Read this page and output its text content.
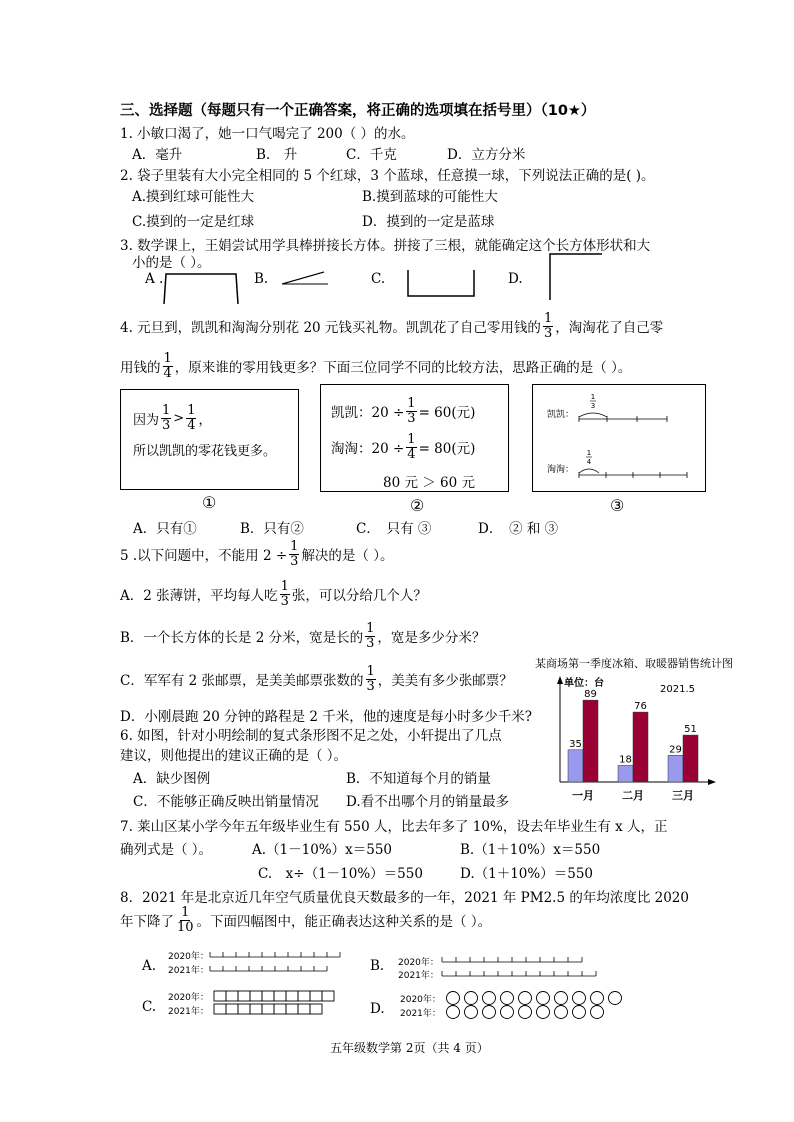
三、选择题（每题只有一个正确答案，将正确的选项填在括号里）（10★）
1. 小敏口渴了，她一口气喝完了 200（ ）的水。
A．毫升	B.　升	C．千克	D．立方分米
2. 袋子里装有大小完全相同的 5 个红球，3 个蓝球，任意摸一球，下列说法正确的是( )。
A.摸到红球可能性大	B.摸到蓝球的可能性大
C.摸到的一定是红球	D．摸到的一定是蓝球
3. 数学课上，王娟尝试用学具棒拼接长方体。拼接了三根，就能确定这个长方体形状和大
小的是（ ）。
A .	B.	C.	D.
4. 元旦到，凯凯和淘淘分别花 20 元钱买礼物。凯凯花了自己零用钱的 $\frac{1}{3}$ ，淘淘花了自己零
用钱的 $\frac{1}{4}$ ，原来谁的零用钱更多？下面三位同学不同的比较方法，思路正确的是（ ）。
因为 $\frac{1}{3} > \frac{1}{4}$ ，
所以凯凯的零花钱更多。
凯凯：$20 \div \frac{1}{3} = 60$(元)
淘淘：$20 \div \frac{1}{4} = 80$(元)
80 元 ＞ 60 元
凯凯：
淘淘：
1
3
1
4
①	②	③
A．只有①	B．只有②	C．　只有 ③	D．　② 和 ③
5 .以下问题中，不能用 $2 \div \frac{1}{3}$ 解决的是（ ）。
A．2 张薄饼，平均每人吃 $\frac{1}{3}$ 张，可以分给几个人？
B．一个长方体的长是 2 分米，宽是长的 $\frac{1}{3}$ ，宽是多少分米？
C．军军有 2 张邮票，是美美邮票张数的 $\frac{1}{3}$ ，美美有多少张邮票？
D．小刚晨跑 20 分钟的路程是 2 千米，他的速度是每小时多少千米?
6. 如图，针对小明绘制的复式条形图不足之处，小轩提出了几点
建议，则他提出的建议正确的是（ ）。
A．缺少图例	B．不知道每个月的销量
C．不能够正确反映出销量情况 D.看不出哪个月的销量最多
某商场第一季度冰箱、取暖器销售统计图
单位：台
2021.5
35
89
一月
18
76
二月
29
51
三月
7. 莱山区某小学今年五年级毕业生有 550 人，比去年多了 10%，设去年毕业生有 x 人，正
确列式是（ ）。	A.（1－10%）x＝550	B.（1＋10%）x＝550
C.　x÷（1－10%）＝550	D.（1＋10%）＝550
8．2021 年是北京近几年空气质量优良天数最多的一年，2021 年 PM2.5 的年均浓度比 2020
年下降了 $\frac{1}{10}$ 。下面四幅图中，能正确表达这种关系的是（ ）。
A.	B.
C.	D.
2020年：
2021年：
2020年：
2021年：
2020年：
2021年：
2020年：
2021年：
五年级数学第 2页（共 4 页）
